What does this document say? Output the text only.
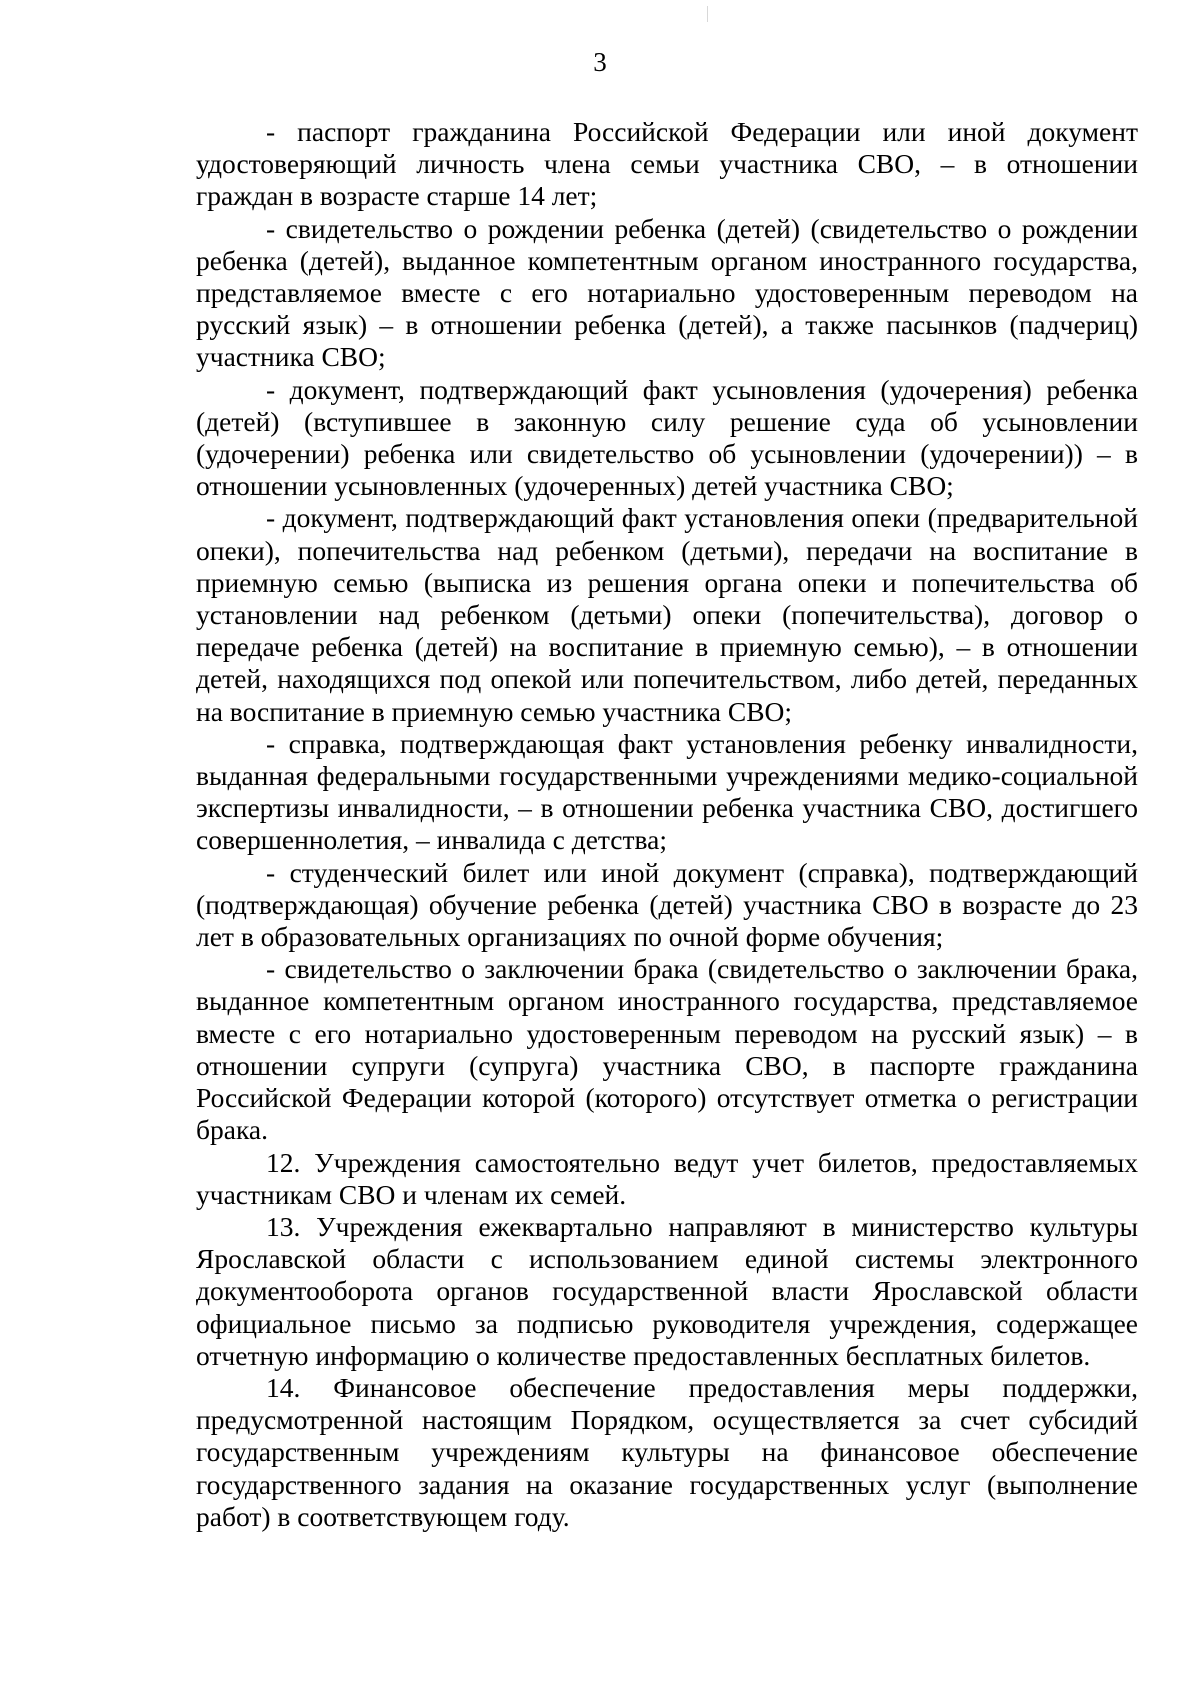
3

- паспорт гражданина Российской Федерации или иной документ удостоверяющий личность члена семьи участника СВО, – в отношении граждан в возрасте старше 14 лет;

- свидетельство о рождении ребенка (детей) (свидетельство о рождении ребенка (детей), выданное компетентным органом иностранного государства, представляемое вместе с его нотариально удостоверенным переводом на русский язык) – в отношении ребенка (детей), а также пасынков (падчериц) участника СВО;

- документ, подтверждающий факт усыновления (удочерения) ребенка (детей) (вступившее в законную силу решение суда об усыновлении (удочерении) ребенка или свидетельство об усыновлении (удочерении)) – в отношении усыновленных (удочеренных) детей участника СВО;

- документ, подтверждающий факт установления опеки (предварительной опеки), попечительства над ребенком (детьми), передачи на воспитание в приемную семью (выписка из решения органа опеки и попечительства об установлении над ребенком (детьми) опеки (попечительства), договор о передаче ребенка (детей) на воспитание в приемную семью), – в отношении детей, находящихся под опекой или попечительством, либо детей, переданных на воспитание в приемную семью участника СВО;

- справка, подтверждающая факт установления ребенку инвалидности, выданная федеральными государственными учреждениями медико-социальной экспертизы инвалидности, – в отношении ребенка участника СВО, достигшего совершеннолетия, – инвалида с детства;

- студенческий билет или иной документ (справка), подтверждающий (подтверждающая) обучение ребенка (детей) участника СВО в возрасте до 23 лет в образовательных организациях по очной форме обучения;

- свидетельство о заключении брака (свидетельство о заключении брака, выданное компетентным органом иностранного государства, представляемое вместе с его нотариально удостоверенным переводом на русский язык) – в отношении супруги (супруга) участника СВО, в паспорте гражданина Российской Федерации которой (которого) отсутствует отметка о регистрации брака.

12. Учреждения самостоятельно ведут учет билетов, предоставляемых участникам СВО и членам их семей.

13. Учреждения ежеквартально направляют в министерство культуры Ярославской области с использованием единой системы электронного документооборота органов государственной власти Ярославской области официальное письмо за подписью руководителя учреждения, содержащее отчетную информацию о количестве предоставленных бесплатных билетов.

14. Финансовое обеспечение предоставления меры поддержки, предусмотренной настоящим Порядком, осуществляется за счет субсидий государственным учреждениям культуры на финансовое обеспечение государственного задания на оказание государственных услуг (выполнение работ) в соответствующем году.
